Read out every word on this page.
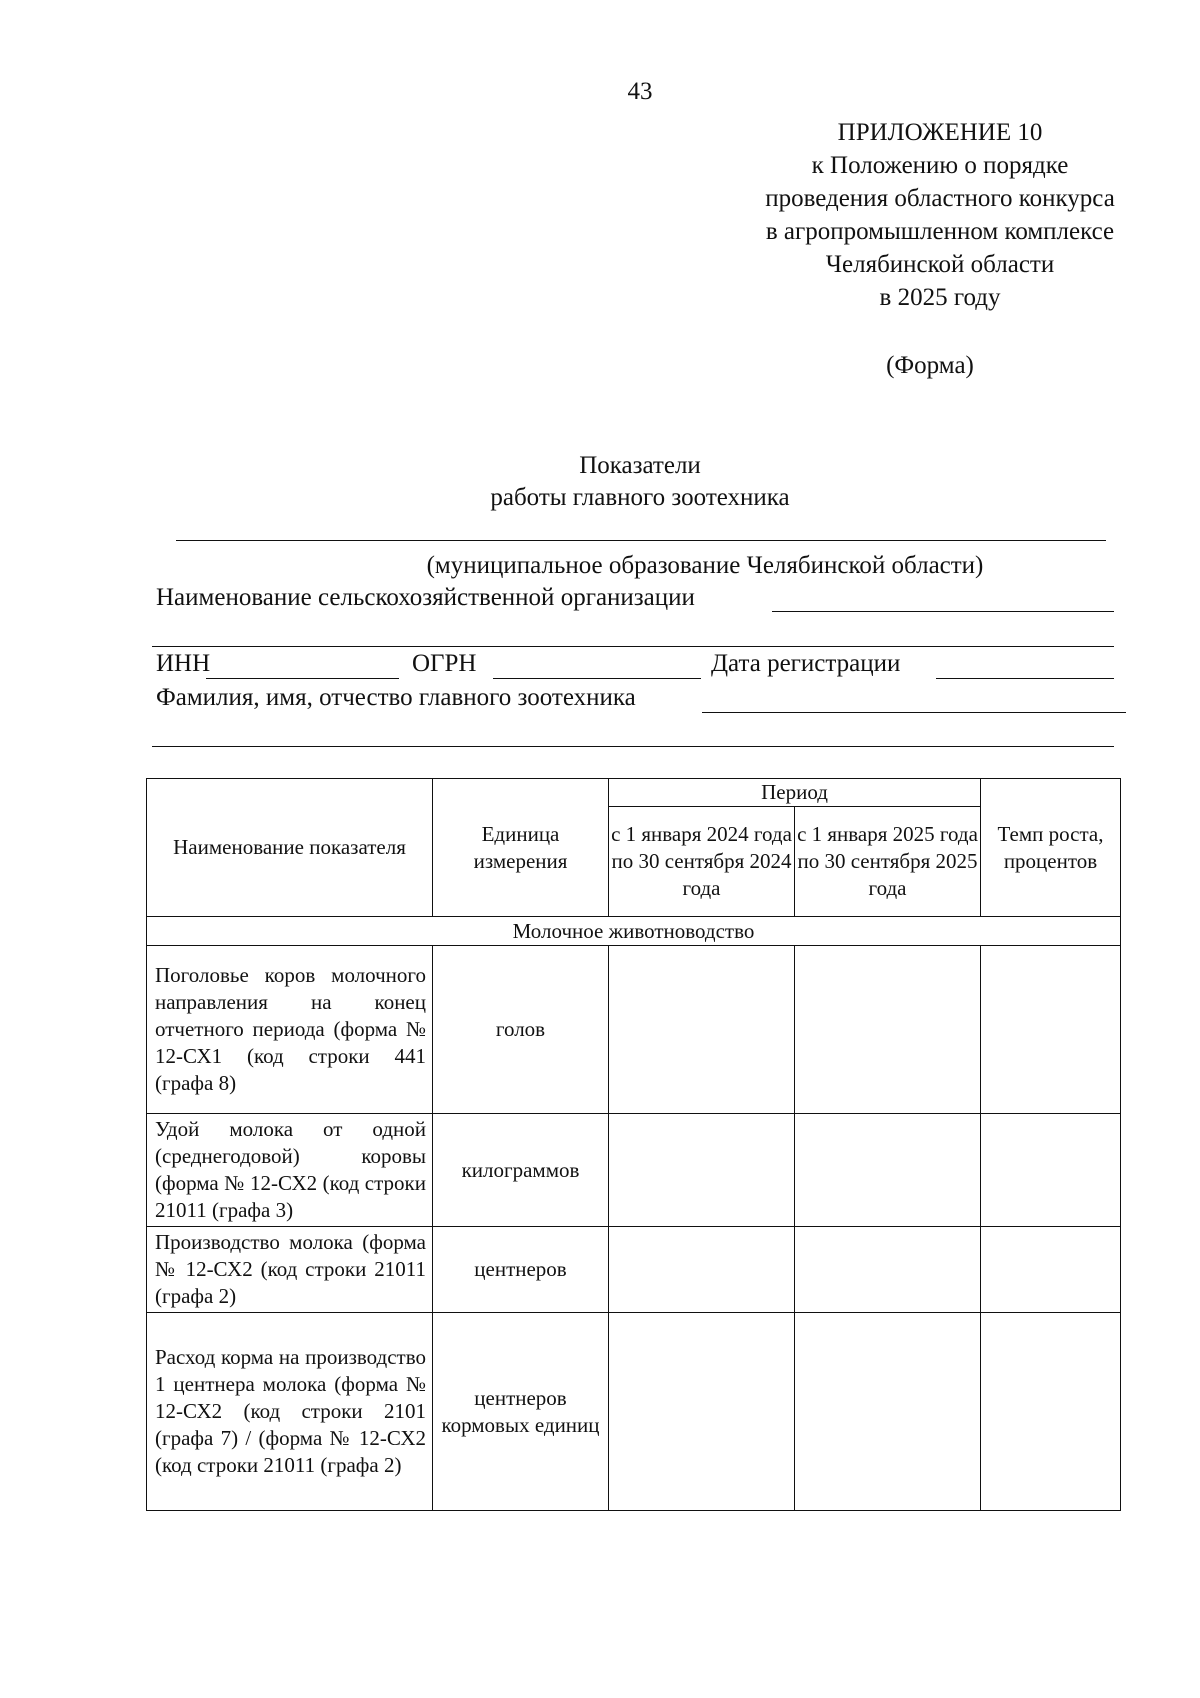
43
ПРИЛОЖЕНИЕ 10
к Положению о порядке
проведения областного конкурса
в агропромышленном комплексе
Челябинской области
в 2025 году
(Форма)
Показатели
работы главного зоотехника
(муниципальное образование Челябинской области)
Наименование сельскохозяйственной организации
ИНН	ОГРН	Дата регистрации
Фамилия, имя, отчество главного зоотехника
Наименование показателя	Единица измерения	Период		Темп роста, процентов
		с 1 января 2024 года по 30 сентября 2024 года	с 1 января 2025 года по 30 сентября 2025 года	
Молочное животноводство				
Поголовье коров молочного направления на конец отчетного периода (форма № 12-СХ1 (код строки 441 (графа 8)	голов			
Удой молока от одной (среднегодовой) коровы (форма № 12-СХ2 (код строки 21011 (графа 3)	килограммов			
Производство молока (форма № 12-СХ2 (код строки 21011 (графа 2)	центнеров			
Расход корма на производство 1 центнера молока (форма № 12-СХ2 (код строки 2101 (графа 7) / (форма № 12-СХ2 (код строки 21011 (графа 2)	центнеров кормовых единиц			
